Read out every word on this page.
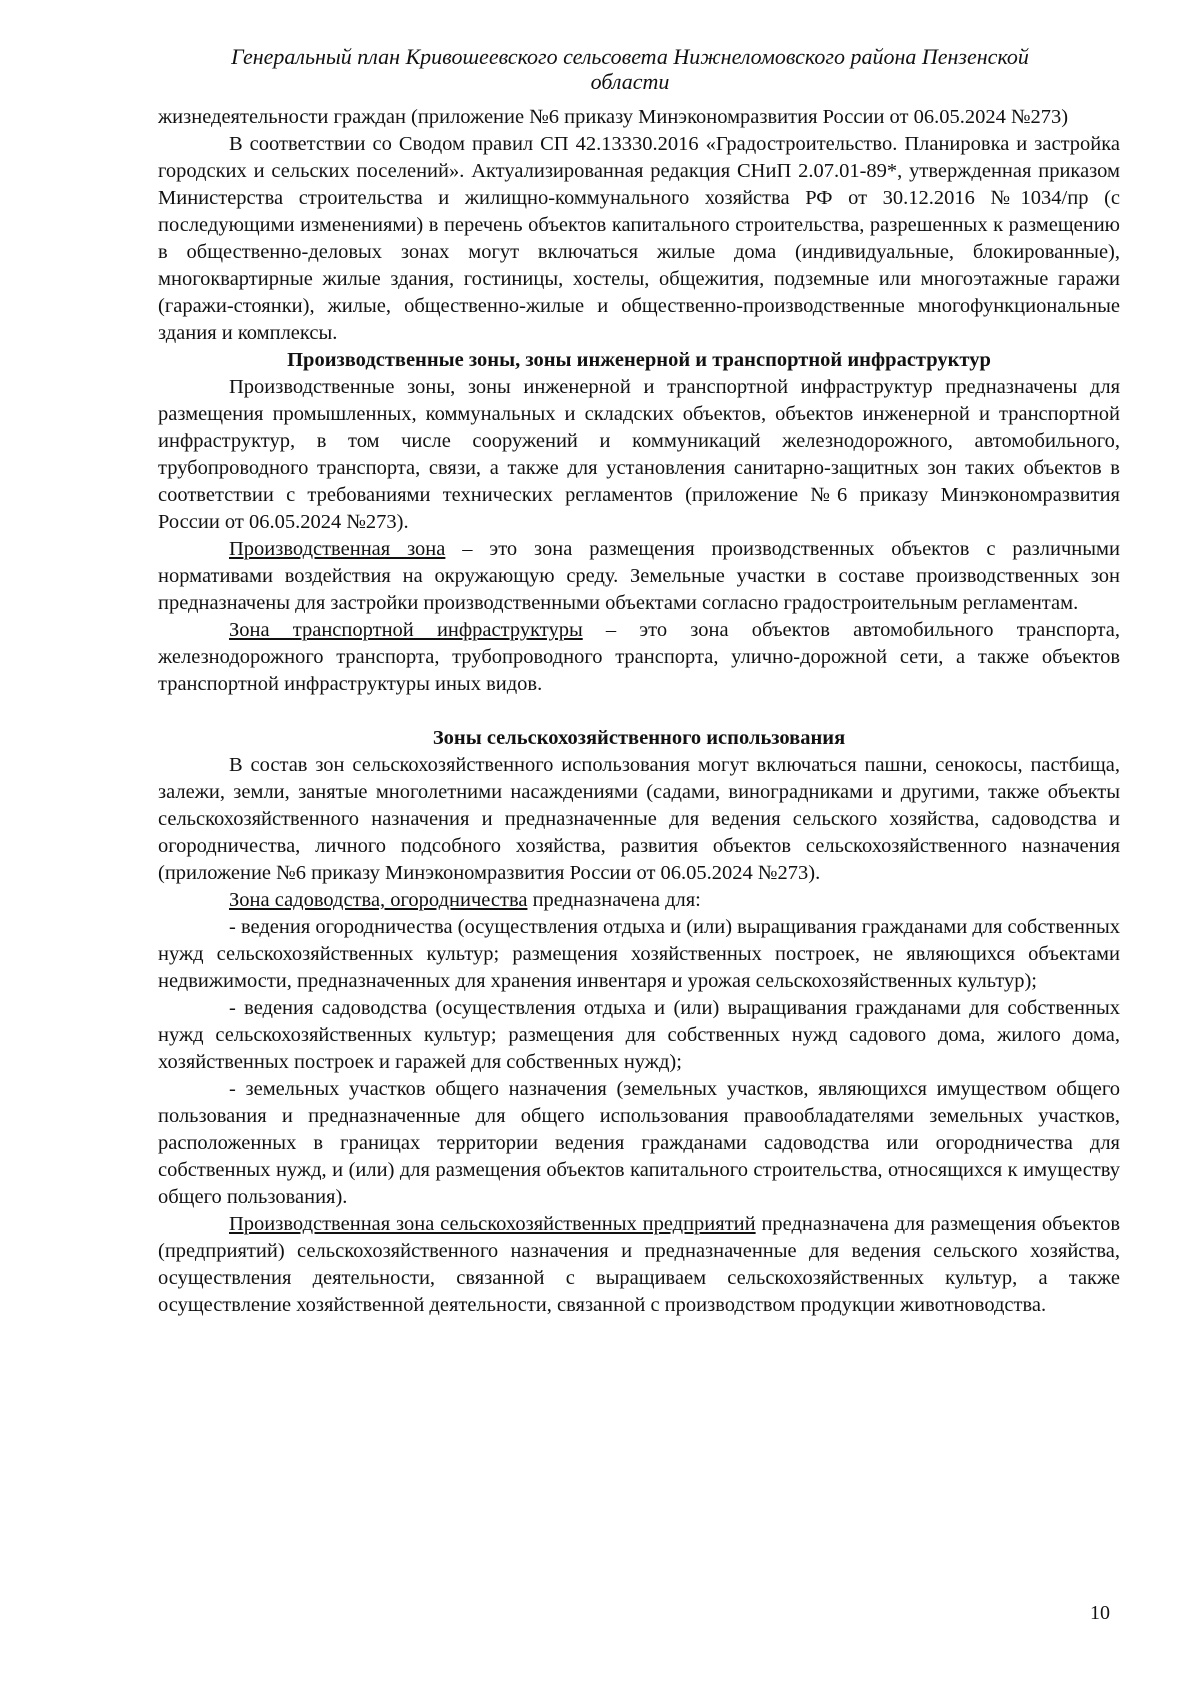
Генеральный план Кривошеевского сельсовета Нижнеломовского района Пензенской
области

жизнедеятельности граждан (приложение №6 приказу Минэкономразвития России от 06.05.2024 №273)

В соответствии со Сводом правил СП 42.13330.2016 «Градостроительство. Планировка и застройка городских и сельских поселений». Актуализированная редакция СНиП 2.07.01-89*, утвержденная приказом Министерства строительства и жилищно-коммунального хозяйства РФ от 30.12.2016 №1034/пр (с последующими изменениями) в перечень объектов капитального строительства, разрешенных к размещению в общественно-деловых зонах могут включаться жилые дома (индивидуальные, блокированные), многоквартирные жилые здания, гостиницы, хостелы, общежития, подземные или многоэтажные гаражи (гаражи-стоянки), жилые, общественно-жилые и общественно-производственные многофункциональные здания и комплексы.

Производственные зоны, зоны инженерной и транспортной инфраструктур

Производственные зоны, зоны инженерной и транспортной инфраструктур предназначены для размещения промышленных, коммунальных и складских объектов, объектов инженерной и транспортной инфраструктур, в том числе сооружений и коммуникаций железнодорожного, автомобильного, трубопроводного транспорта, связи, а также для установления санитарно-защитных зон таких объектов в соответствии с требованиями технических регламентов (приложение №6 приказу Минэкономразвития России от 06.05.2024 №273).

Производственная зона – это зона размещения производственных объектов с различными нормативами воздействия на окружающую среду. Земельные участки в составе производственных зон предназначены для застройки производственными объектами согласно градостроительным регламентам.

Зона транспортной инфраструктуры – это зона объектов автомобильного транспорта, железнодорожного транспорта, трубопроводного транспорта, улично-дорожной сети, а также объектов транспортной инфраструктуры иных видов.

Зоны сельскохозяйственного использования

В состав зон сельскохозяйственного использования могут включаться пашни, сенокосы, пастбища, залежи, земли, занятые многолетними насаждениями (садами, виноградниками и другими, также объекты сельскохозяйственного назначения и предназначенные для ведения сельского хозяйства, садоводства и огородничества, личного подсобного хозяйства, развития объектов сельскохозяйственного назначения (приложение №6 приказу Минэкономразвития России от 06.05.2024 №273).

Зона садоводства, огородничества предназначена для:

- ведения огородничества (осуществления отдыха и (или) выращивания гражданами для собственных нужд сельскохозяйственных культур; размещения хозяйственных построек, не являющихся объектами недвижимости, предназначенных для хранения инвентаря и урожая сельскохозяйственных культур);

- ведения садоводства (осуществления отдыха и (или) выращивания гражданами для собственных нужд сельскохозяйственных культур; размещения для собственных нужд садового дома, жилого дома, хозяйственных построек и гаражей для собственных нужд);

- земельных участков общего назначения (земельных участков, являющихся имуществом общего пользования и предназначенные для общего использования правообладателями земельных участков, расположенных в границах территории ведения гражданами садоводства или огородничества для собственных нужд, и (или) для размещения объектов капитального строительства, относящихся к имуществу общего пользования).

Производственная зона сельскохозяйственных предприятий предназначена для размещения объектов (предприятий) сельскохозяйственного назначения и предназначенные для ведения сельского хозяйства, осуществления деятельности, связанной с выращиваем сельскохозяйственных культур, а также осуществление хозяйственной деятельности, связанной с производством продукции животноводства.

10
